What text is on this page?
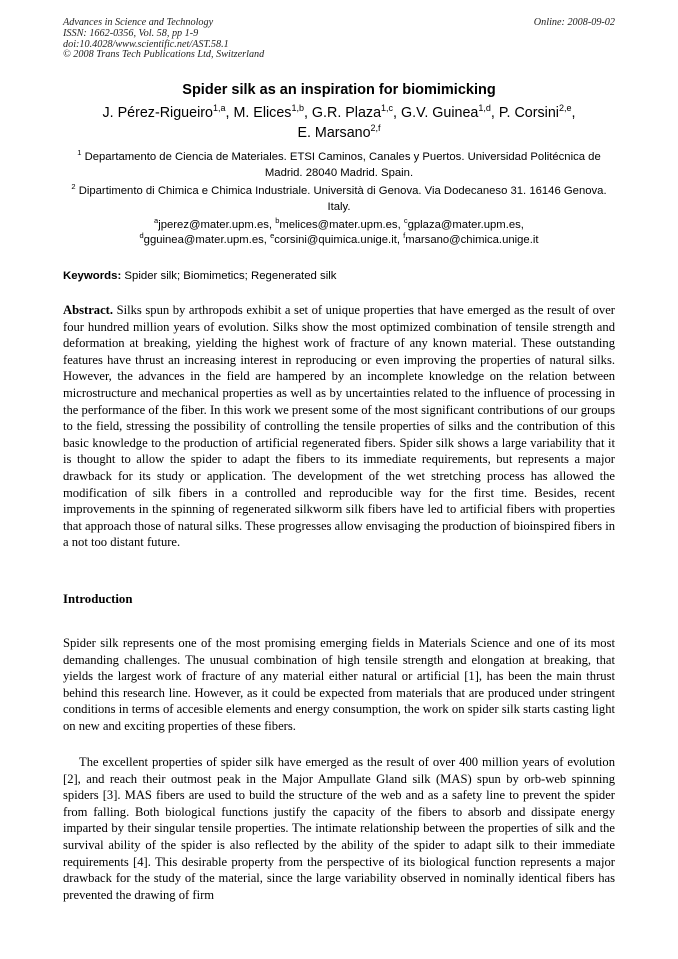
Advances in Science and Technology
ISSN: 1662-0356, Vol. 58, pp 1-9
doi:10.4028/www.scientific.net/AST.58.1
© 2008 Trans Tech Publications Ltd, Switzerland
Online: 2008-09-02
Spider silk as an inspiration for biomimicking
J. Pérez-Rigueiro$^{1,a}$, M. Elices$^{1,b}$, G.R. Plaza$^{1,c}$, G.V. Guinea$^{1,d}$, P. Corsini$^{2,e}$,
E. Marsano$^{2,f}$
$^1$ Departamento de Ciencia de Materiales. ETSI Caminos, Canales y Puertos. Universidad Politécnica de Madrid. 28040 Madrid. Spain.
$^2$ Dipartimento di Chimica e Chimica Industriale. Università di Genova. Via Dodecaneso 31. 16146 Genova. Italy.
$^a$jperez@mater.upm.es, $^b$melices@mater.upm.es, $^c$gplaza@mater.upm.es,
$^d$gguinea@mater.upm.es, $^e$corsini@quimica.unige.it, $^f$marsano@chimica.unige.it
Keywords: Spider silk; Biomimetics; Regenerated silk
Abstract. Silks spun by arthropods exhibit a set of unique properties that have emerged as the result of over four hundred million years of evolution. Silks show the most optimized combination of tensile strength and deformation at breaking, yielding the highest work of fracture of any known material. These outstanding features have thrust an increasing interest in reproducing or even improving the properties of natural silks. However, the advances in the field are hampered by an incomplete knowledge on the relation between microstructure and mechanical properties as well as by uncertainties related to the influence of processing in the performance of the fiber. In this work we present some of the most significant contributions of our groups to the field, stressing the possibility of controlling the tensile properties of silks and the contribution of this basic knowledge to the production of artificial regenerated fibers. Spider silk shows a large variability that it is thought to allow the spider to adapt the fibers to its immediate requirements, but represents a major drawback for its study or application. The development of the wet stretching process has allowed the modification of silk fibers in a controlled and reproducible way for the first time. Besides, recent improvements in the spinning of regenerated silkworm silk fibers have led to artificial fibers with properties that approach those of natural silks. These progresses allow envisaging the production of bioinspired fibers in a not too distant future.
Introduction
Spider silk represents one of the most promising emerging fields in Materials Science and one of its most demanding challenges. The unusual combination of high tensile strength and elongation at breaking, that yields the largest work of fracture of any material either natural or artificial [1], has been the main thrust behind this research line. However, as it could be expected from materials that are produced under stringent conditions in terms of accesible elements and energy consumption, the work on spider silk starts casting light on new and exciting properties of these fibers.
The excellent properties of spider silk have emerged as the result of over 400 million years of evolution [2], and reach their outmost peak in the Major Ampullate Gland silk (MAS) spun by orb-web spinning spiders [3]. MAS fibers are used to build the structure of the web and as a safety line to prevent the spider from falling. Both biological functions justify the capacity of the fibers to absorb and dissipate energy imparted by their singular tensile properties. The intimate relationship between the properties of silk and the survival ability of the spider is also reflected by the ability of the spider to adapt silk to their immediate requirements [4]. This desirable property from the perspective of its biological function represents a major drawback for the study of the material, since the large variability observed in nominally identical fibers has prevented the drawing of firm
